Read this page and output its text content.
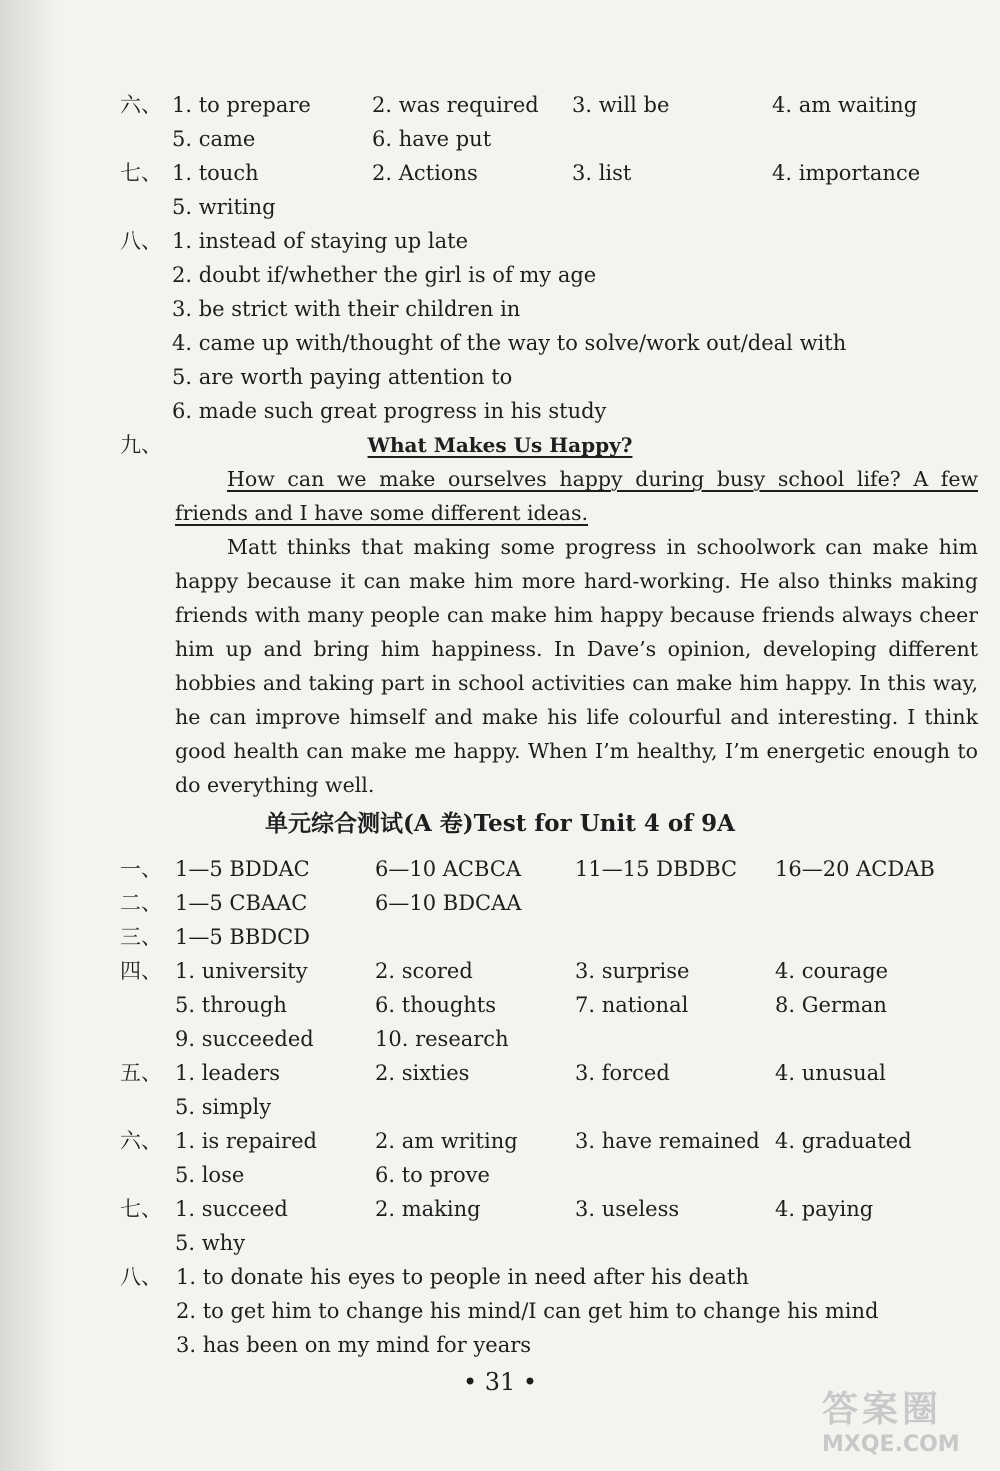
六、 1. to prepare	2. was required 3. will be	4. am waiting
5. came	6. have put
七、 1. touch	2. Actions	3. list	4. importance
5. writing
八、 1. instead of staying up late
2. doubt if/whether the girl is of my age
3. be strict with their children in
4. came up with/thought of the way to solve/work out/deal with
5. are worth paying attention to
6. made such great progress in his study
九、	What Makes Us Happy?
How can we make ourselves happy during busy school life? A few friends and I have some different ideas.
Matt thinks that making some progress in schoolwork can make him happy because it can make him more hard-working. He also thinks making friends with many people can make him happy because friends always cheer him up and bring him happiness. In Dave’s opinion, developing different hobbies and taking part in school activities can make him happy. In this way, he can improve himself and make his life colourful and interesting. I think good health can make me happy. When I’m healthy, I’m energetic enough to do everything well.
单元综合测试(A 卷)Test for Unit 4 of 9A
一、 1—5 BDDAC	6—10 ACBCA	11—15 DBDBC 16—20 ACDAB
二、 1—5 CBAAC	6—10 BDCAA
三、 1—5 BBDCD
四、 1. university	2. scored	3. surprise	4. courage
5. through	6. thoughts	7. national	8. German
9. succeeded	10. research
五、 1. leaders	2. sixties	3. forced	4. unusual
5. simply
六、 1. is repaired	2. am writing	3. have remained 4. graduated
5. lose	6. to prove
七、 1. succeed	2. making	3. useless	4. paying
5. why
八、 1. to donate his eyes to people in need after his death
2. to get him to change his mind/I can get him to change his mind
3. has been on my mind for years
• 31 •
答案圈
MXQE.COM
